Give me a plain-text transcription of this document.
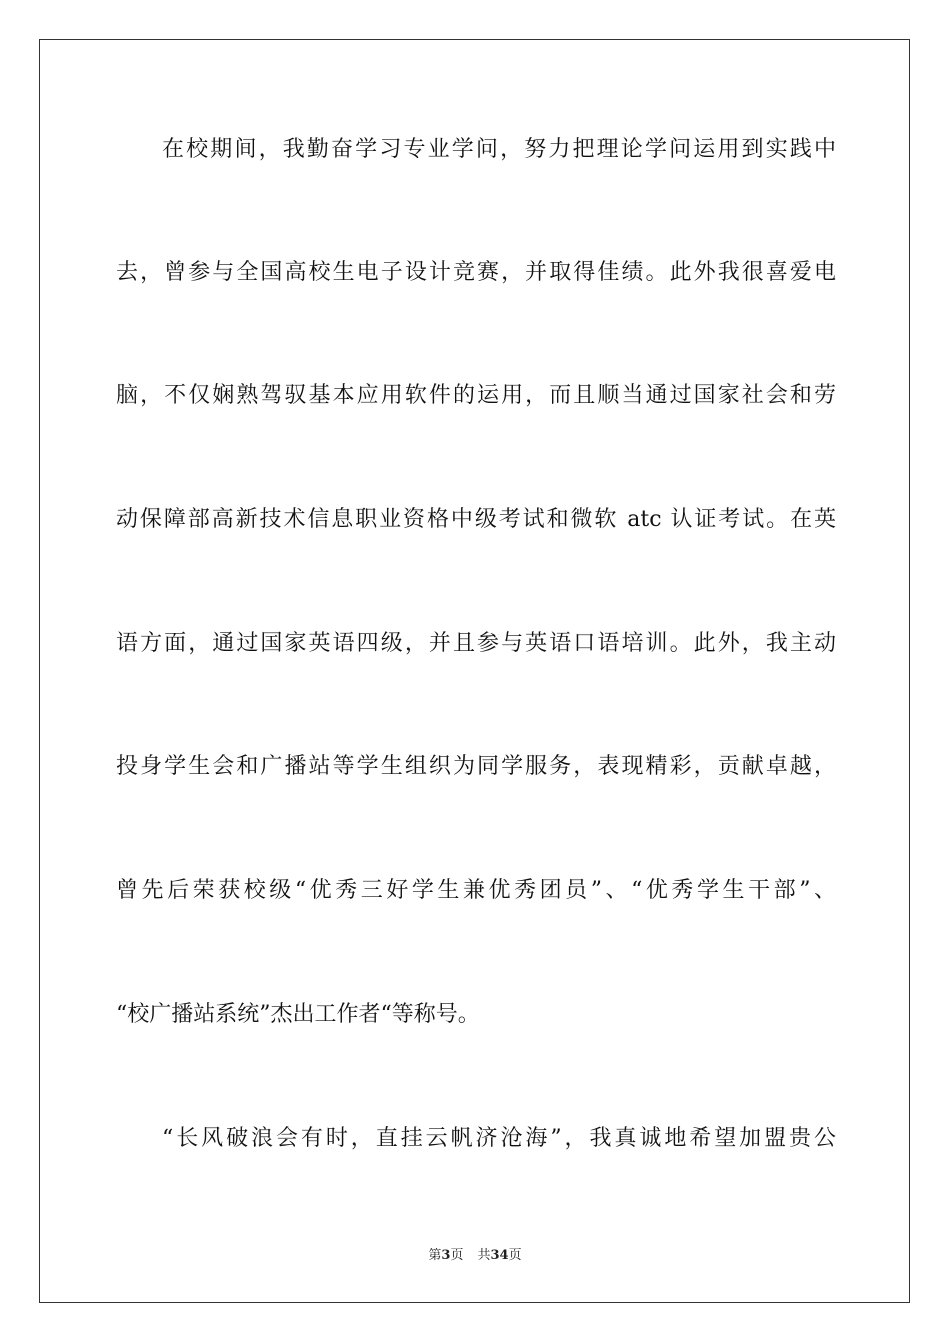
在校期间，我勤奋学习专业学问，努力把理论学问运用到实践中
去，曾参与全国高校生电子设计竞赛，并取得佳绩。此外我很喜爱电
脑，不仅娴熟驾驭基本应用软件的运用，而且顺当通过国家社会和劳
动保障部高新技术信息职业资格中级考试和微软 atc 认证考试。在英
语方面，通过国家英语四级，并且参与英语口语培训。此外，我主动
投身学生会和广播站等学生组织为同学服务，表现精彩，贡献卓越，
曾先后荣获校级“优秀三好学生兼优秀团员”、“优秀学生干部”、
“校广播站系统”杰出工作者“等称号。
“长风破浪会有时，直挂云帆济沧海”，我真诚地希望加盟贵公
第3页 共34页
